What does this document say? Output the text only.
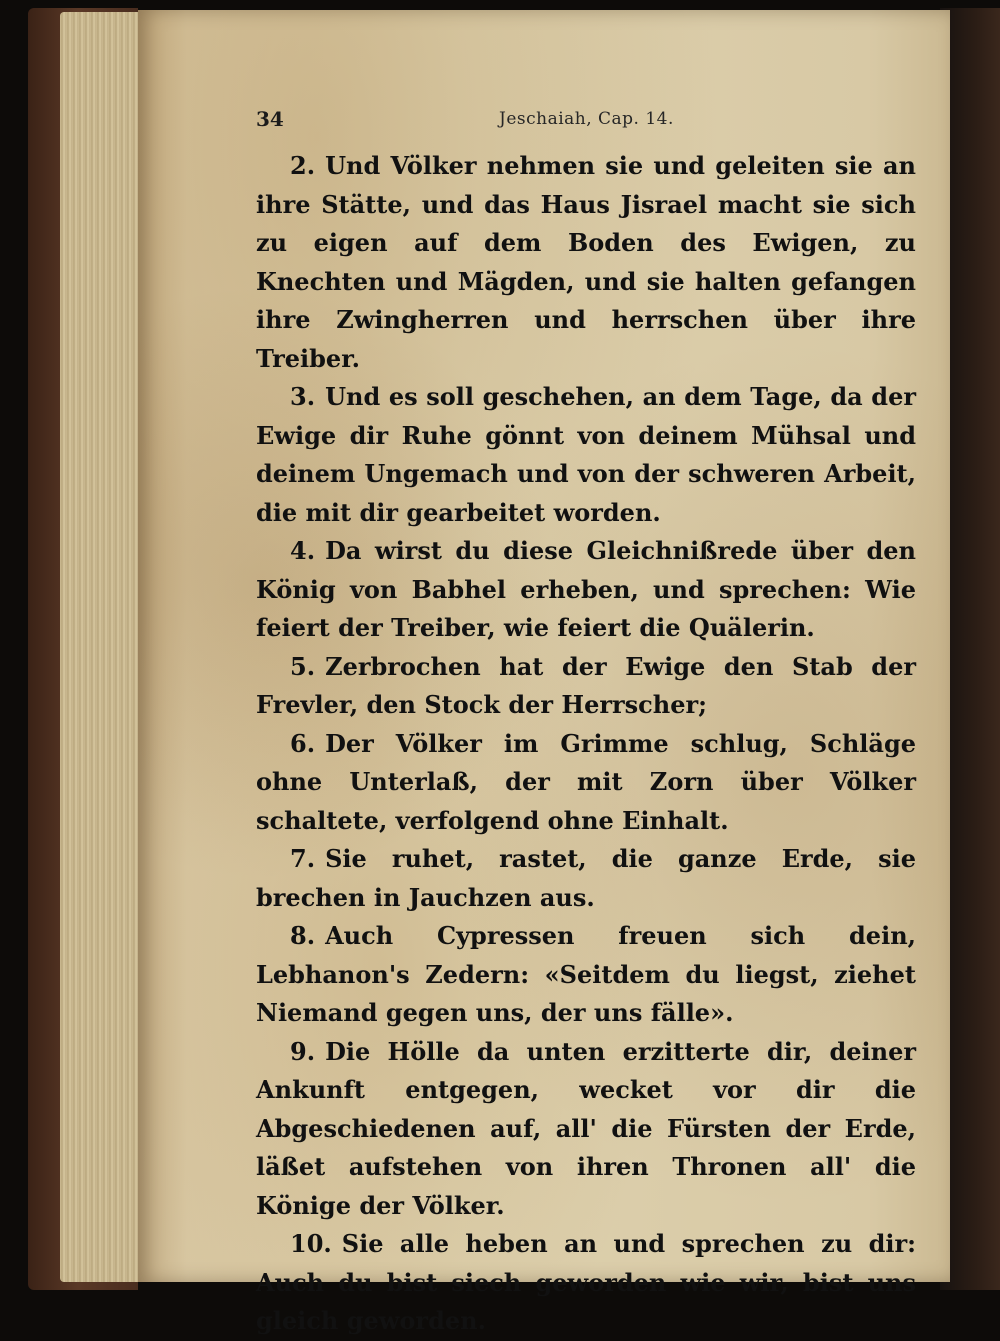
34	Jeschaiah, Cap. 14.

2. Und Völker nehmen sie und geleiten sie an ihre Stätte, und das Haus Jisrael macht sie sich zu eigen auf dem Boden des Ewigen, zu Knechten und Mägden, und sie halten gefangen ihre Zwingherren und herrschen über ihre Treiber.

3. Und es soll geschehen, an dem Tage, da der Ewige dir Ruhe gönnt von deinem Mühsal und deinem Ungemach und von der schweren Arbeit, die mit dir gearbeitet worden.

4. Da wirst du diese Gleichnißrede über den König von Babhel erheben, und sprechen: Wie feiert der Treiber, wie feiert die Quälerin.

5. Zerbrochen hat der Ewige den Stab der Frevler, den Stock der Herrscher;

6. Der Völker im Grimme schlug, Schläge ohne Unterlaß, der mit Zorn über Völker schaltete, verfolgend ohne Einhalt.

7. Sie ruhet, rastet, die ganze Erde, sie brechen in Jauchzen aus.

8. Auch Cypressen freuen sich dein, Lebhanon's Zedern: «Seitdem du liegst, ziehet Niemand gegen uns, der uns fälle».

9. Die Hölle da unten erzitterte dir, deiner Ankunft entgegen, wecket vor dir die Abgeschiedenen auf, all' die Fürsten der Erde, läßet aufstehen von ihren Thronen all' die Könige der Völker.

10. Sie alle heben an und sprechen zu dir: Auch du bist siech geworden wie wir, bist uns gleich geworden.
